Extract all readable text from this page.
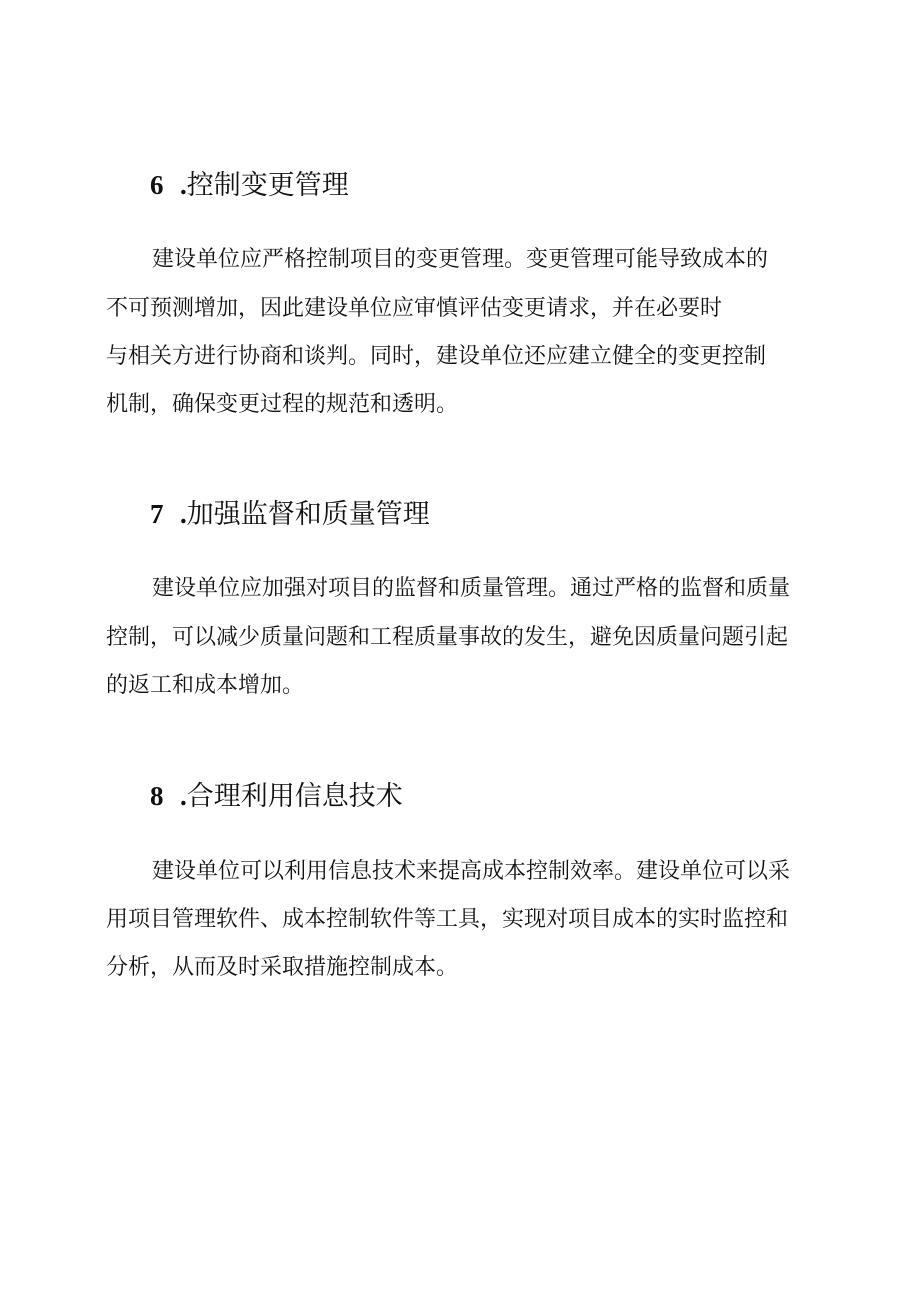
6 .控制变更管理

建设单位应严格控制项目的变更管理。变更管理可能导致成本的

不可预测增加，因此建设单位应审慎评估变更请求，并在必要时

与相关方进行协商和谈判。同时，建设单位还应建立健全的变更控制

机制，确保变更过程的规范和透明。

7 .加强监督和质量管理

建设单位应加强对项目的监督和质量管理。通过严格的监督和质量

控制，可以减少质量问题和工程质量事故的发生，避免因质量问题引起

的返工和成本增加。

8 .合理利用信息技术

建设单位可以利用信息技术来提高成本控制效率。建设单位可以采

用项目管理软件、成本控制软件等工具，实现对项目成本的实时监控和

分析，从而及时采取措施控制成本。
